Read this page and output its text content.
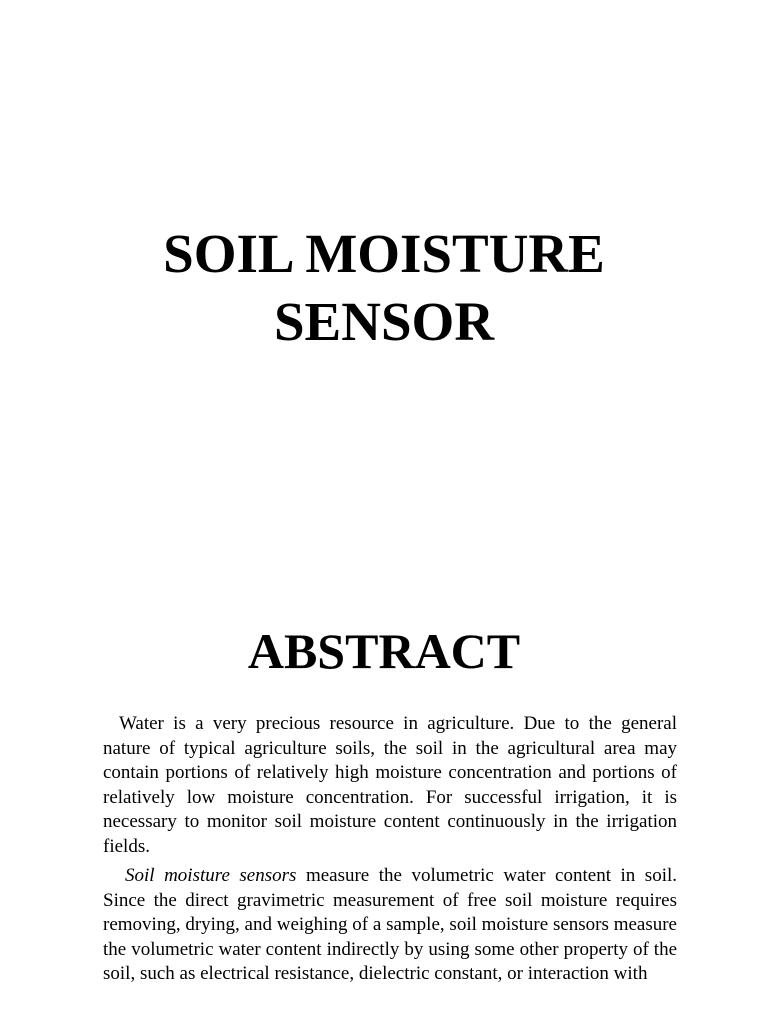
SOIL MOISTURE
SENSOR
ABSTRACT

Water is a very precious resource in agriculture. Due to the general nature of typical agriculture soils, the soil in the agricultural area may contain portions of relatively high moisture concentration and portions of relatively low moisture concentration. For successful irrigation, it is necessary to monitor soil moisture content continuously in the irrigation fields.

Soil moisture sensors measure the volumetric water content in soil. Since the direct gravimetric measurement of free soil moisture requires removing, drying, and weighing of a sample, soil moisture sensors measure the volumetric water content indirectly by using some other property of the soil, such as electrical resistance, dielectric constant, or interaction with
